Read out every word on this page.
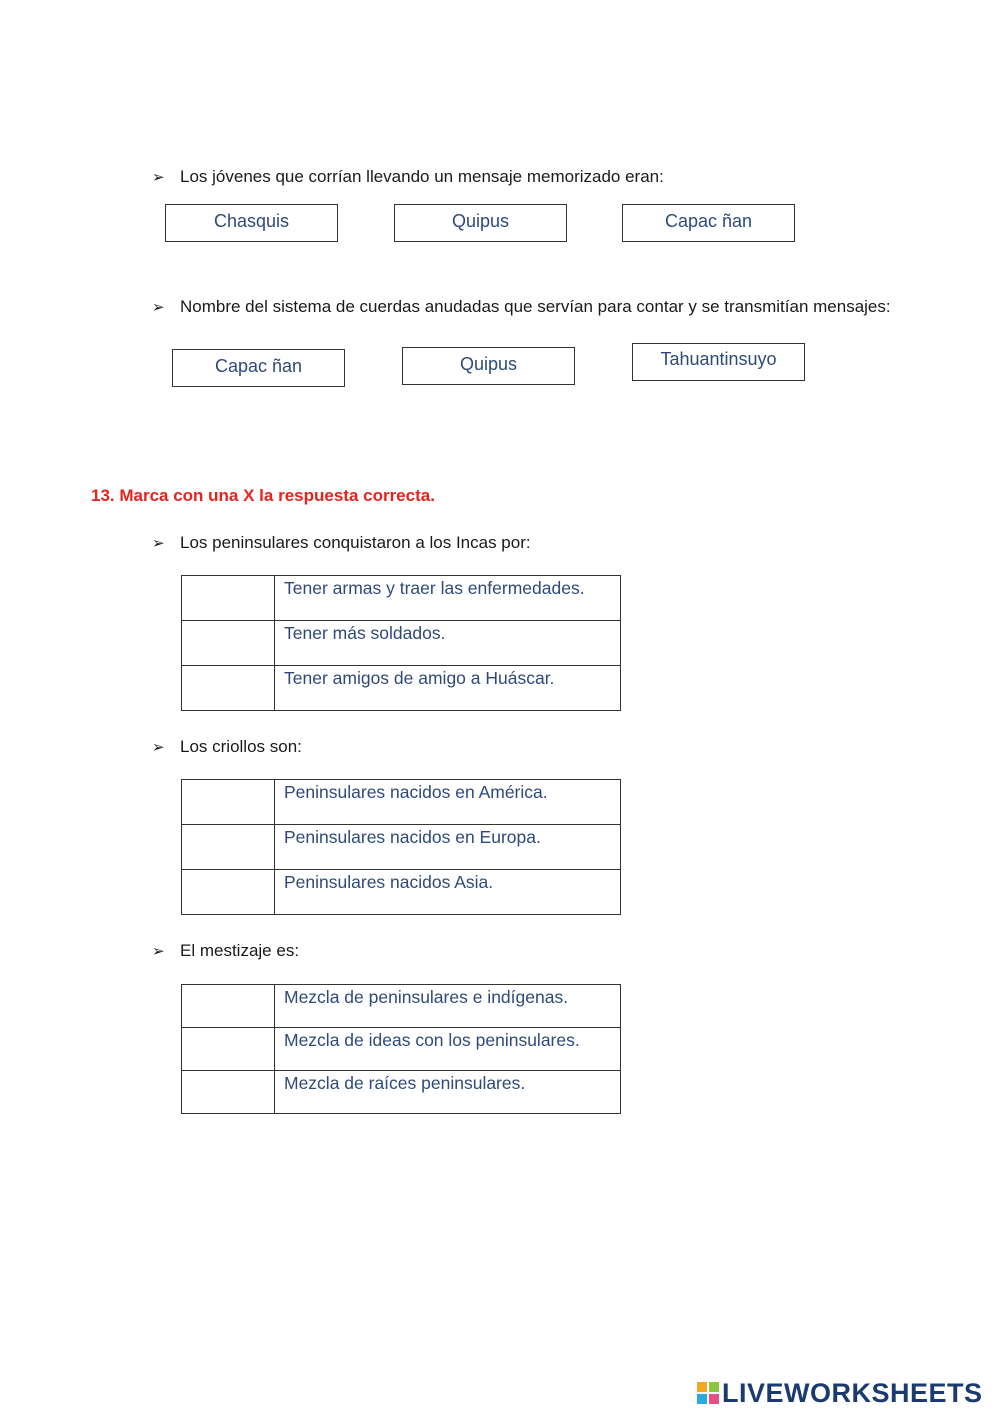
➢ Los jóvenes que corrían llevando un mensaje memorizado eran:
Chasquis	Quipus	Capac ñan
➢ Nombre del sistema de cuerdas anudadas que servían para contar y se transmitían mensajes:
Capac ñan	Quipus	Tahuantinsuyo
13. Marca con una X la respuesta correcta.
➢ Los peninsulares conquistaron a los Incas por:
	Tener armas y traer las enfermedades.
	Tener más soldados.
	Tener amigos de amigo a Huáscar.
➢ Los criollos son:
	Peninsulares nacidos en América.
	Peninsulares nacidos en Europa.
	Peninsulares nacidos Asia.
➢ El mestizaje es:
	Mezcla de peninsulares e indígenas.
	Mezcla de ideas con los peninsulares.
	Mezcla de raíces peninsulares.
LIVEWORKSHEETS
